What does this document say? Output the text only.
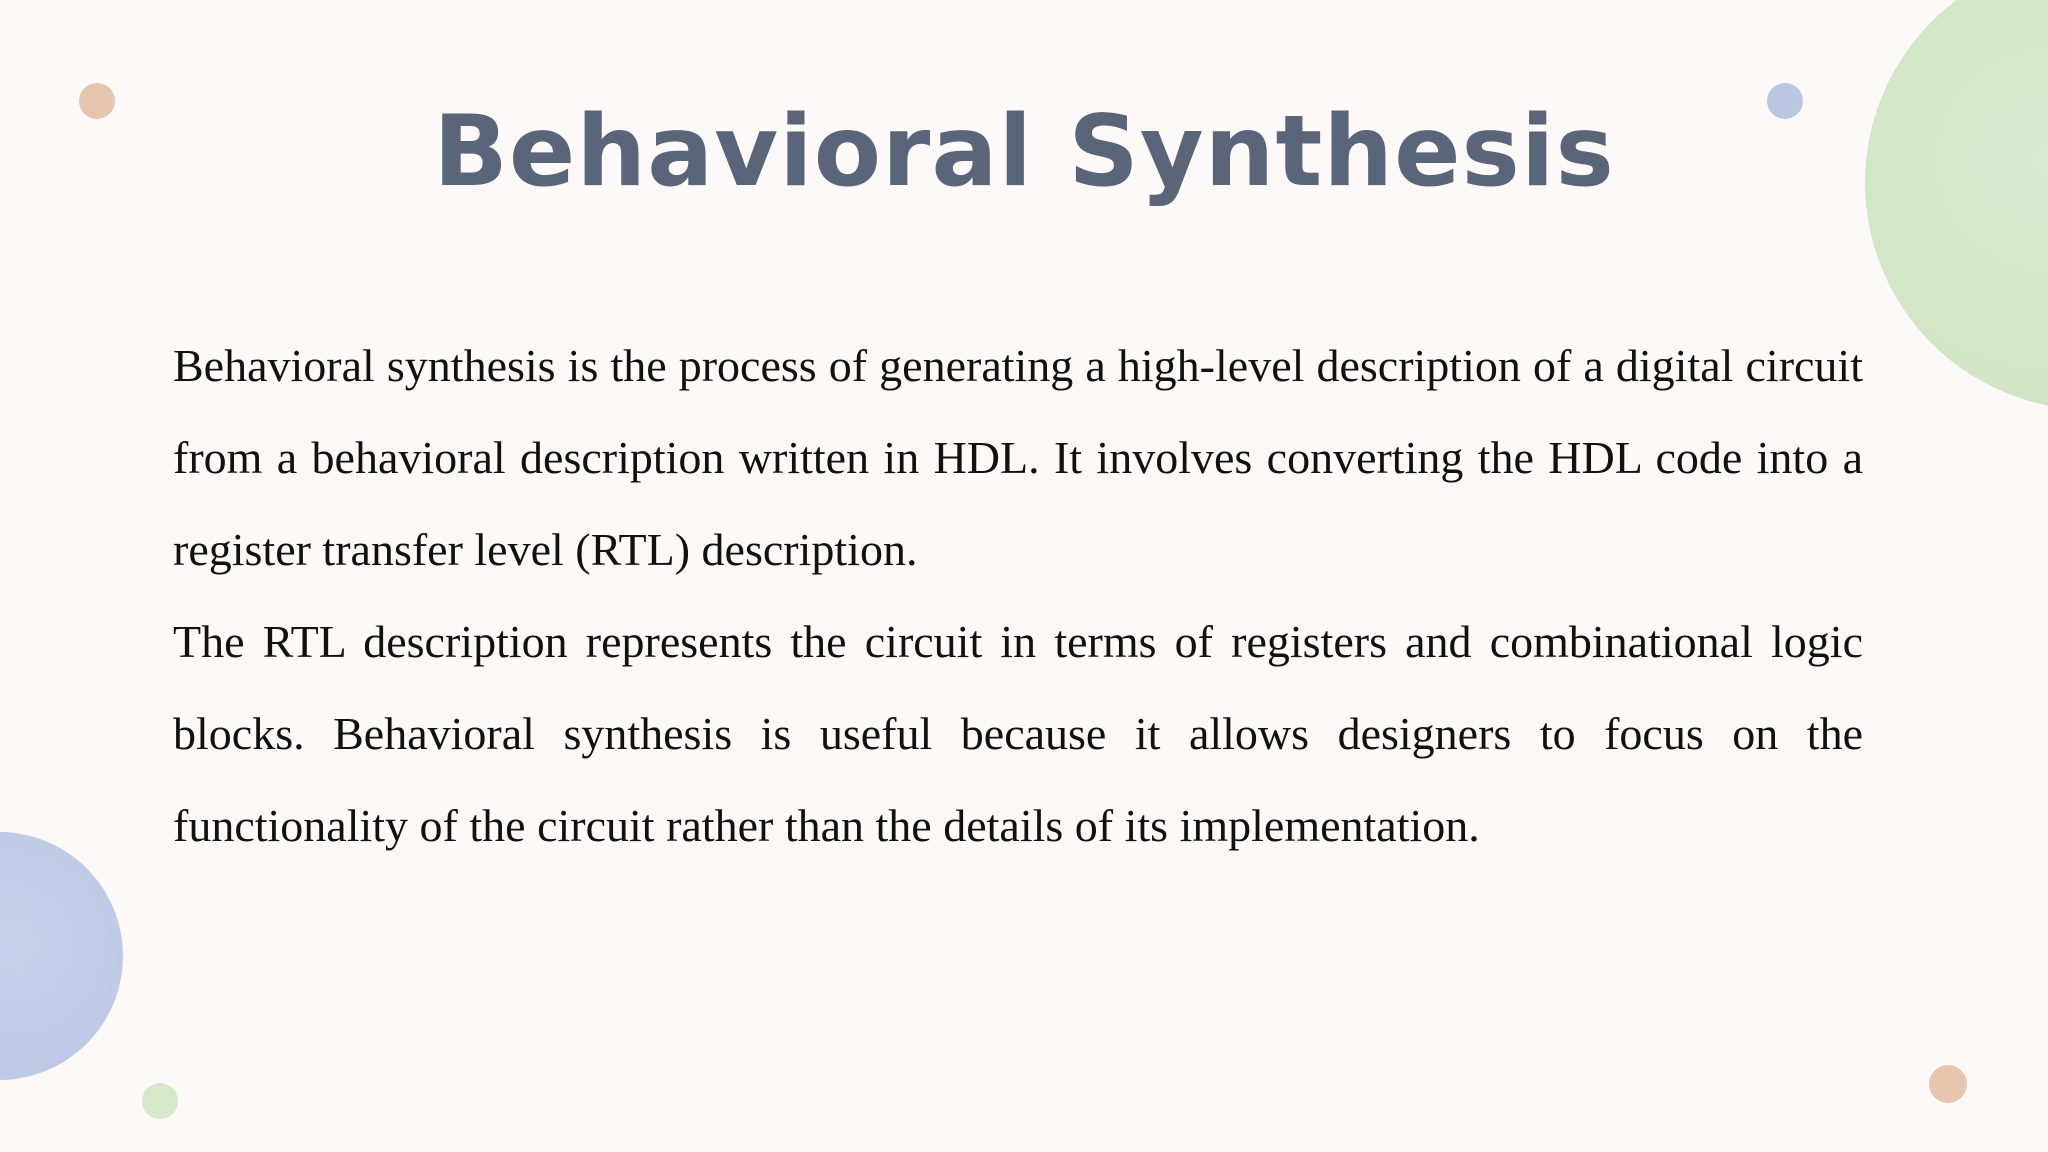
Behavioral Synthesis

Behavioral synthesis is the process of generating a high-level description of a digital circuit from a behavioral description written in HDL. It involves converting the HDL code into a register transfer level (RTL) description.

The RTL description represents the circuit in terms of registers and combinational logic blocks. Behavioral synthesis is useful because it allows designers to focus on the functionality of the circuit rather than the details of its implementation.
